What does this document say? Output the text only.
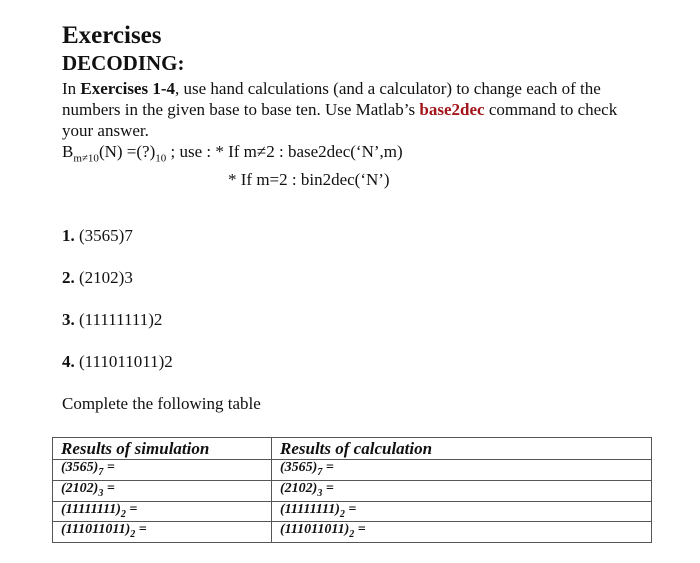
Exercises
DECODING:

In Exercises 1-4, use hand calculations (and a calculator) to change each of the numbers in the given base to base ten. Use Matlab’s base2dec command to check your answer.

$B_{m\ne 10}(N)$ $=(?)_{10}$ ; use : * If m≠2 : base2dec(‘N’,m)
* If m=2 : bin2dec(‘N’)
1. (3565)7
2. (2102)3
3. (11111111)2
4. (111011011)2
Complete the following table
Results of simulation	Results of calculation
$(3565)_7$ =	$(3565)_7$ =
$(2102)_3$ =	$(2102)_3$ =
$(11111111)_2$ =	$(11111111)_2$ =
$(111011011)_2$ =	$(111011011)_2$ =
